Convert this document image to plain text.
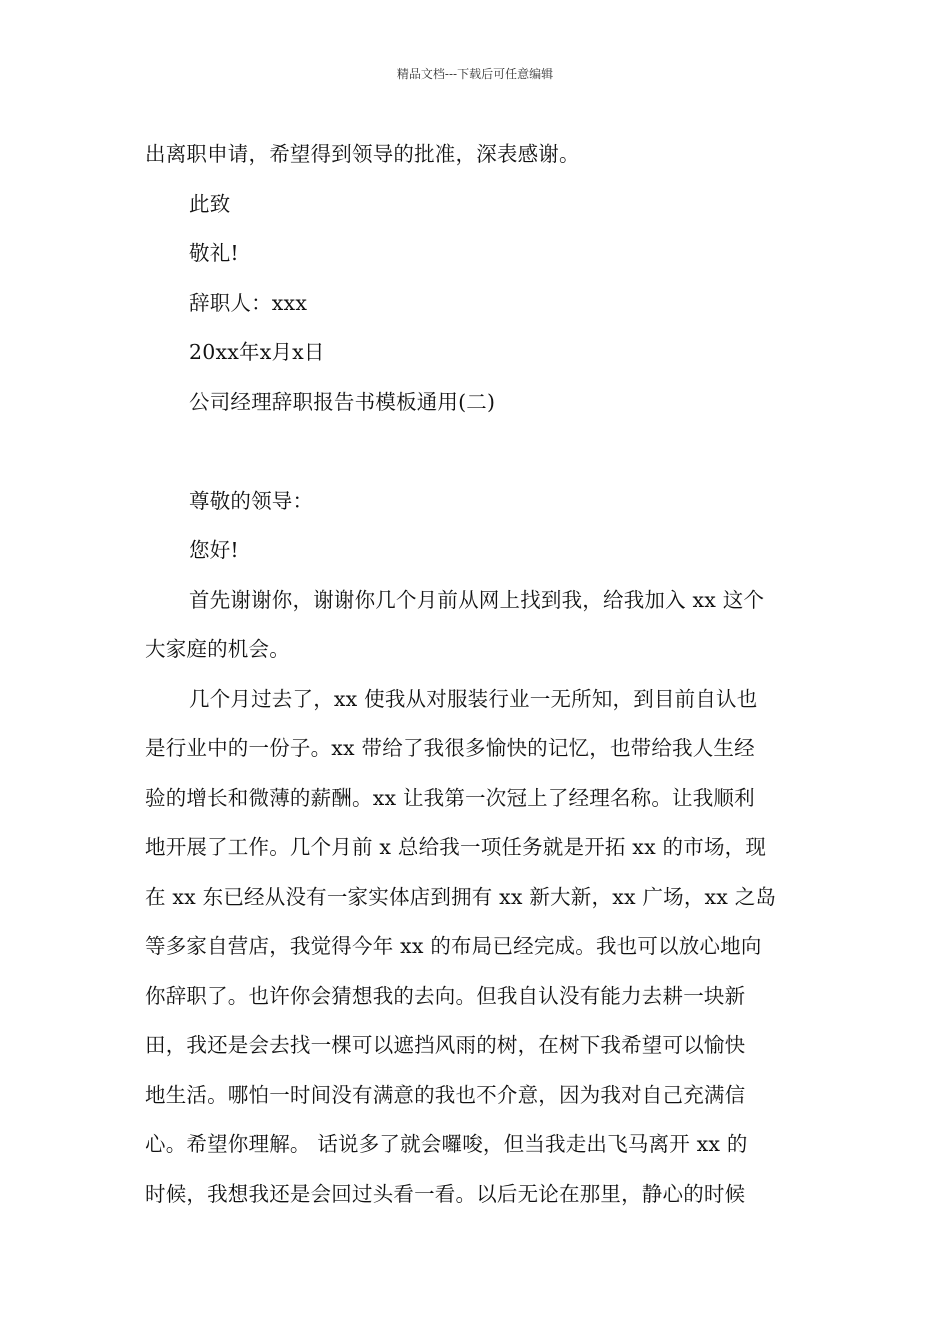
精品文档---下载后可任意编辑

出离职申请，希望得到领导的批准，深表感谢。

此致

敬礼!

辞职人：xxx

20xx年x月x日

公司经理辞职报告书模板通用(二)

尊敬的领导：

您好!

首先谢谢你，谢谢你几个月前从网上找到我，给我加入 xx 这个

大家庭的机会。

几个月过去了，xx 使我从对服装行业一无所知，到目前自认也

是行业中的一份子。xx 带给了我很多愉快的记忆，也带给我人生经

验的增长和微薄的薪酬。xx 让我第一次冠上了经理名称。让我顺利

地开展了工作。几个月前 x 总给我一项任务就是开拓 xx 的市场，现

在 xx 东已经从没有一家实体店到拥有 xx 新大新，xx 广场，xx 之岛

等多家自营店，我觉得今年 xx 的布局已经完成。我也可以放心地向

你辞职了。也许你会猜想我的去向。但我自认没有能力去耕一块新

田，我还是会去找一棵可以遮挡风雨的树，在树下我希望可以愉快

地生活。哪怕一时间没有满意的我也不介意，因为我对自己充满信

心。希望你理解。 话说多了就会囉唆，但当我走出飞马离开 xx 的

时候，我想我还是会回过头看一看。以后无论在那里，静心的时候
